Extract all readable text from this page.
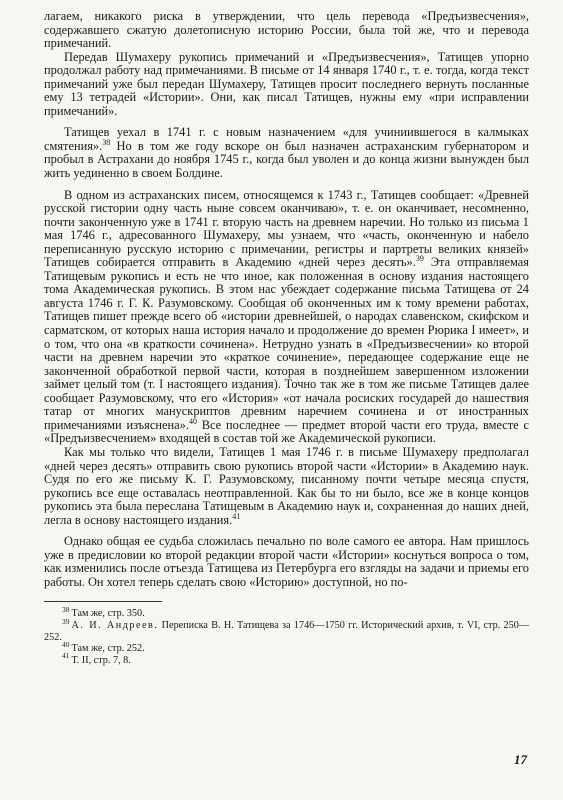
лагаем, никакого риска в утверждении, что цель перевода «Предъизвесчения», содержавшего сжатую долетописную историю России, была той же, что и перевода примечаний.

Передав Шумахеру рукопись примечаний и «Предъизвесчения», Татищев упорно продолжал работу над примечаниями. В письме от 14 января 1740 г., т. е. тогда, когда текст примечаний уже был передан Шумахеру, Татищев просит последнего вернуть посланные ему 13 тетрадей «Истории». Они, как писал Татищев, нужны ему «при исправлении примечаний».

Татищев уехал в 1741 г. с новым назначением «для учиниившегося в калмыках смятения».$^{38}$ Но в том же году вскоре он был назначен астраханским губернатором и пробыл в Астрахани до ноября 1745 г., когда был уволен и до конца жизни вынужден был жить уединенно в своем Болдине.

В одном из астраханских писем, относящемся к 1743 г., Татищев сообщает: «Древней русской гистории одну часть ныне совсем оканчиваю», т. е. он оканчивает, несомненно, почти законченную уже в 1741 г. вторую часть на древнем наречии. Но только из письма 1 мая 1746 г., адресованного Шумахеру, мы узнаем, что «часть, оконченную и набело переписанную русскую историю с примечании, регистры и партреты великих князей» Татищев собирается отправить в Академию «дней через десять».$^{39}$ Эта отправляемая Татищевым рукопись и есть не что иное, как положенная в основу издания настоящего тома Академическая рукопись. В этом нас убеждает содержание письма Татищева от 24 августа 1746 г. Г. К. Разумовскому. Сообщая об оконченных им к тому времени работах, Татищев пишет прежде всего об «истории древнейшей, о народах славенском, скифском и сарматском, от которых наша история начало и продолжение до времен Рюрика I имеет», и о том, что она «в краткости сочинена». Нетрудно узнать в «Предъизвесчении» ко второй части на древнем наречии это «краткое сочинение», передающее содержание еще не законченной обработкой первой части, которая в позднейшем завершенном изложении займет целый том (т. I настоящего издания). Точно так же в том же письме Татищев далее сообщает Разумовскому, что его «История» «от начала росиских государей до нашествия татар от многих манускриптов древним наречием сочинена и от иностранных примечаниями изъяснена».$^{40}$ Все последнее — предмет второй части его труда, вместе с «Предъизвесчением» входящей в состав той же Академической рукописи.

Как мы только что видели, Татищев 1 мая 1746 г. в письме Шумахеру предполагал «дней через десять» отправить свою рукопись второй части «Истории» в Академию наук. Судя по его же письму К. Г. Разумовскому, писанному почти четыре месяца спустя, рукопись все еще оставалась неотправленной. Как бы то ни было, все же в конце концов рукопись эта была переслана Татищевым в Академию наук и, сохраненная до наших дней, легла в основу настоящего издания.$^{41}$

Однако общая ее судьба сложилась печально по воле самого ее автора. Нам пришлось уже в предисловии ко второй редакции второй части «Истории» коснуться вопроса о том, как изменились после отъезда Татищева из Петербурга его взгляды на задачи и приемы его работы. Он хотел теперь сделать свою «Историю» доступной, но по-

$^{38}$ Там же, стр. 350.

$^{39}$ А. И. Андреев. Переписка В. Н. Татищева за 1746—1750 гг. Исторический архив, т. VI, стр. 250—252.

$^{40}$ Там же, стр. 252.

$^{41}$ Т. II, стр. 7, 8.

17
